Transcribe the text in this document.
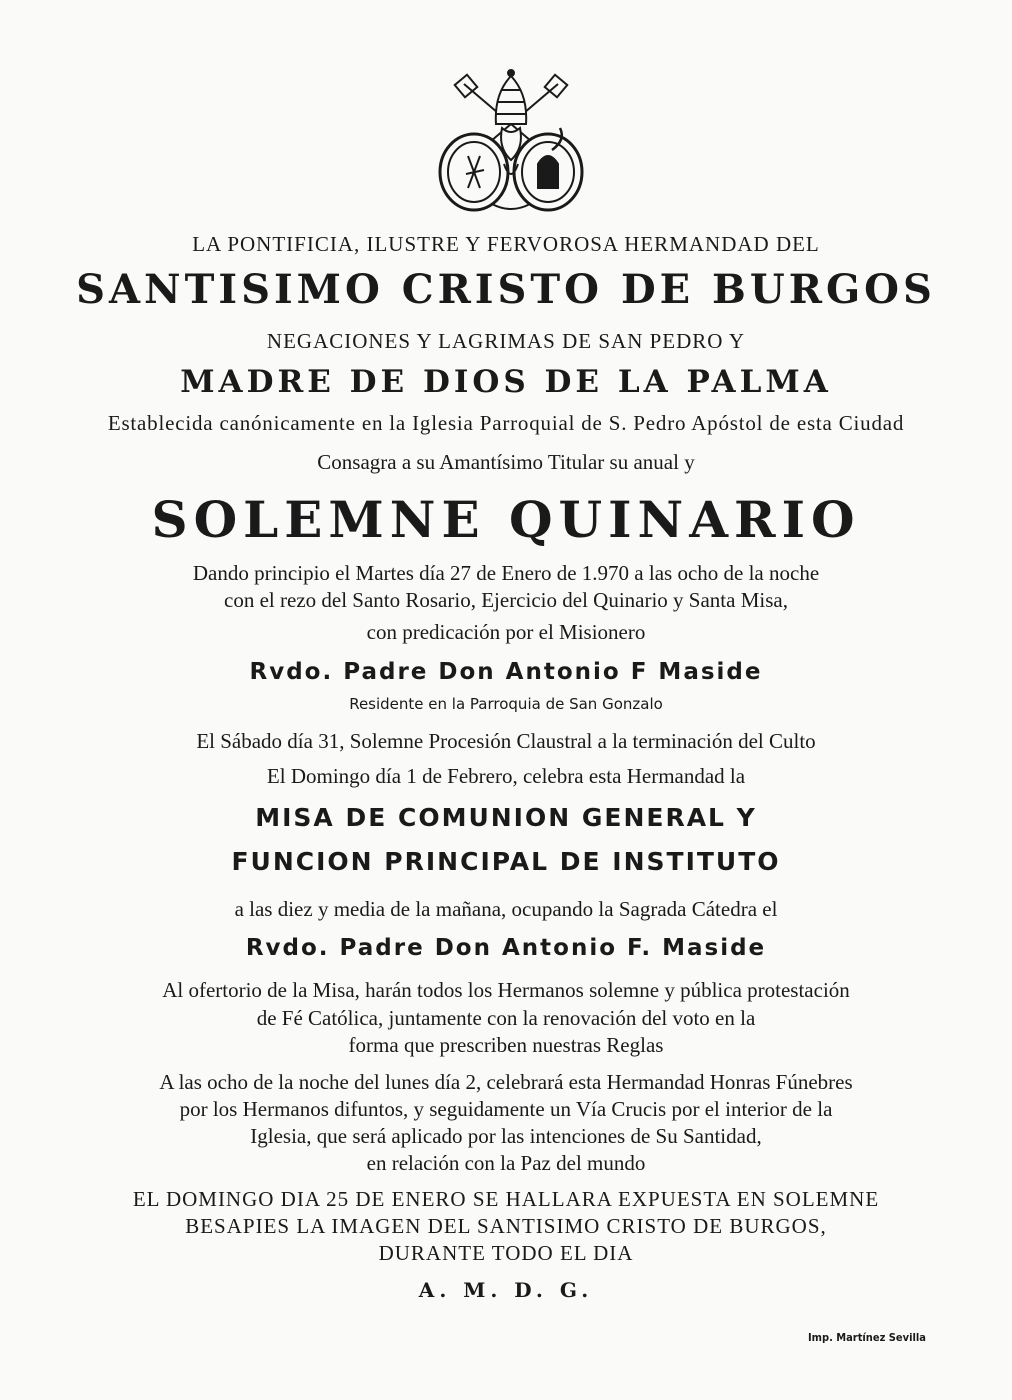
LA PONTIFICIA, ILUSTRE Y FERVOROSA HERMANDAD DEL
SANTISIMO CRISTO DE BURGOS
NEGACIONES Y LAGRIMAS DE SAN PEDRO Y
MADRE DE DIOS DE LA PALMA
Establecida canónicamente en la Iglesia Parroquial de S. Pedro Apóstol de esta Ciudad
Consagra a su Amantísimo Titular su anual y
SOLEMNE QUINARIO
Dando principio el Martes día 27 de Enero de 1.970 a las ocho de la noche
con el rezo del Santo Rosario, Ejercicio del Quinario y Santa Misa,
con predicación por el Misionero
Rvdo. Padre Don Antonio F Maside
Residente en la Parroquia de San Gonzalo
El Sábado día 31, Solemne Procesión Claustral a la terminación del Culto
El Domingo día 1 de Febrero, celebra esta Hermandad la
MISA DE COMUNION GENERAL Y
FUNCION PRINCIPAL DE INSTITUTO
a las diez y media de la mañana, ocupando la Sagrada Cátedra el
Rvdo. Padre Don Antonio F. Maside
Al ofertorio de la Misa, harán todos los Hermanos solemne y pública protestación
de Fé Católica, juntamente con la renovación del voto en la
forma que prescriben nuestras Reglas
A las ocho de la noche del lunes día 2, celebrará esta Hermandad Honras Fúnebres
por los Hermanos difuntos, y seguidamente un Vía Crucis por el interior de la
Iglesia, que será aplicado por las intenciones de Su Santidad,
en relación con la Paz del mundo
EL DOMINGO DIA 25 DE ENERO SE HALLARA EXPUESTA EN SOLEMNE
BESAPIES LA IMAGEN DEL SANTISIMO CRISTO DE BURGOS,
DURANTE TODO EL DIA
A. M. D. G.
Imp. Martínez Sevilla
